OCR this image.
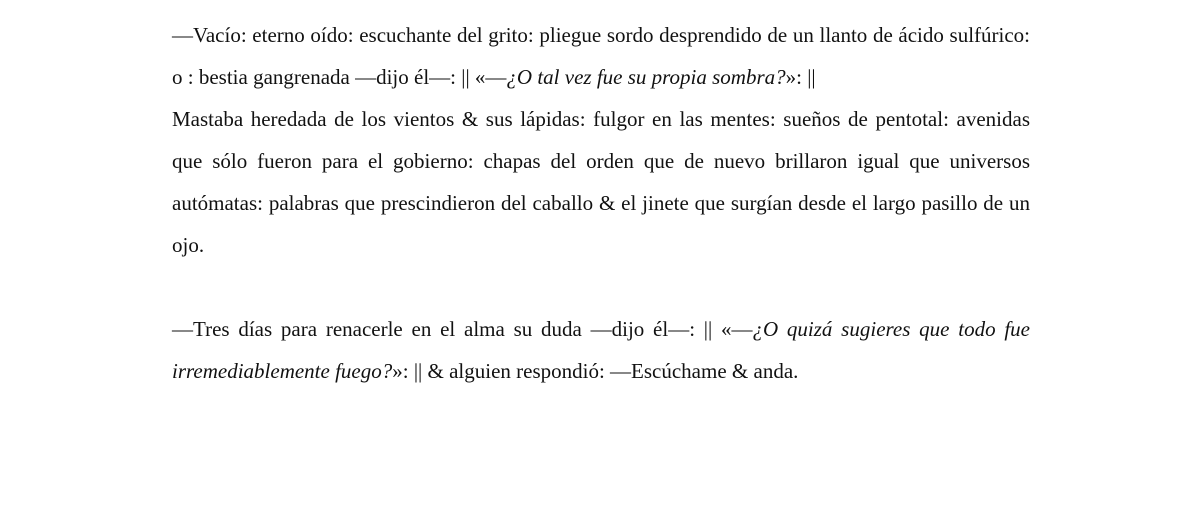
—Vacío: eterno oído: escuchante del grito: pliegue sordo desprendido de un llanto de ácido sulfúrico: o : bestia gangrenada —dijo él—: || «—¿O tal vez fue su propia sombra?»: ||

Mastaba heredada de los vientos & sus lápidas: fulgor en las mentes: sueños de pentotal: avenidas que sólo fueron para el gobierno: chapas del orden que de nuevo brillaron igual que universos autómatas: palabras que prescindieron del caballo & el jinete que surgían desde el largo pasillo de un ojo.

—Tres días para renacerle en el alma su duda —dijo él—: || «—¿O quizá sugieres que todo fue irremediablemente fuego?»: || & alguien respondió: —Escúchame & anda.
